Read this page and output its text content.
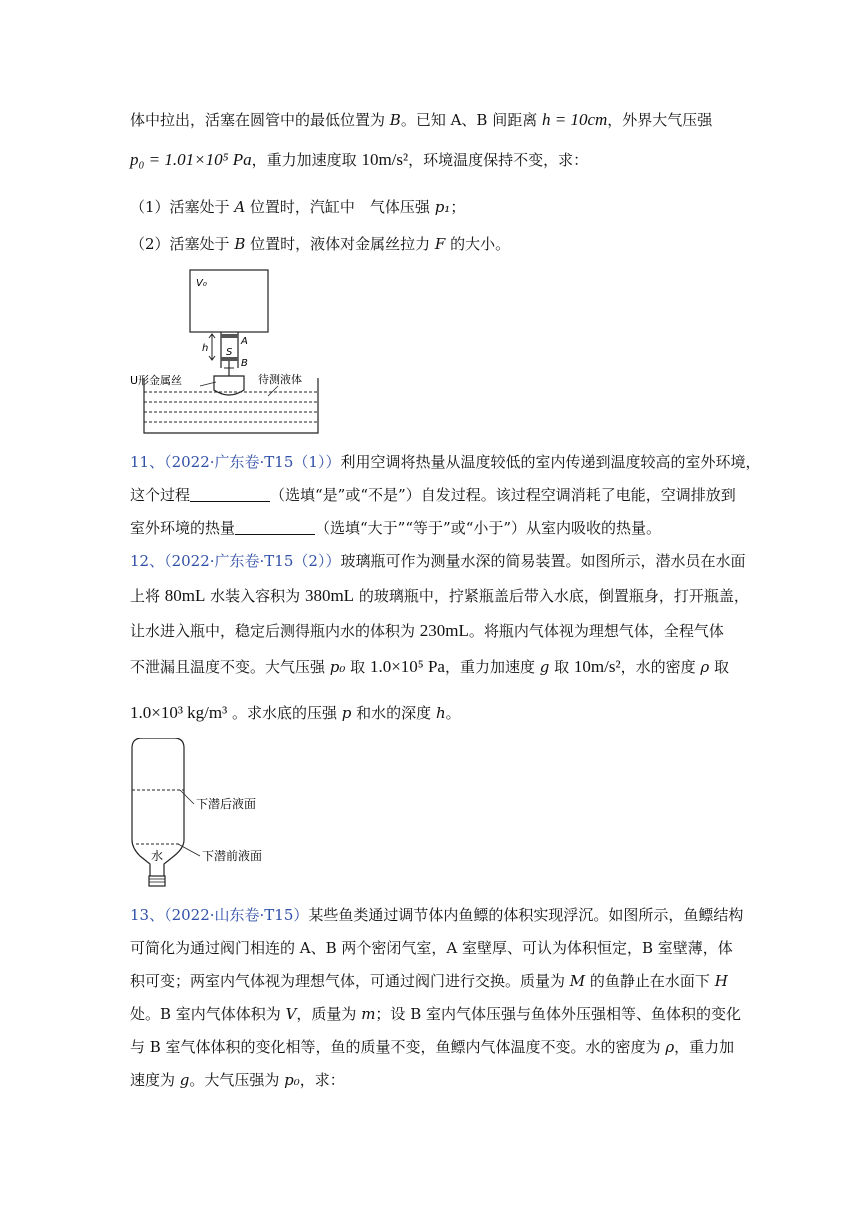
体中拉出，活塞在圆管中的最低位置为 B。已知 A、B 间距离 h = 10cm，外界大气压强
p₀ = 1.01×10⁵ Pa，重力加速度取 10m/s²，环境温度保持不变，求：
（1）活塞处于 A 位置时，汽缸中　气体压强 p₁；
（2）活塞处于 B 位置时，液体对金属丝拉力 F 的大小。
V₀
A
S
B
h
U形金属丝	待测液体
11、（2022·广东卷·T15（1））利用空调将热量从温度较低的室内传递到温度较高的室外环境，
这个过程	（选填“是”或“不是”）自发过程。该过程空调消耗了电能，空调排放到
室外环境的热量	（选填“大于”“等于”或“小于”）从室内吸收的热量。
12、（2022·广东卷·T15（2））玻璃瓶可作为测量水深的简易装置。如图所示，潜水员在水面
上将 80mL 水装入容积为 380mL 的玻璃瓶中，拧紧瓶盖后带入水底，倒置瓶身，打开瓶盖，
让水进入瓶中，稳定后测得瓶内水的体积为 230mL。将瓶内气体视为理想气体，全程气体
不泄漏且温度不变。大气压强 p₀ 取 1.0×10⁵ Pa，重力加速度 g 取 10m/s²，水的密度 ρ 取
1.0×10³ kg/m³ 。求水底的压强 p 和水的深度 h。
水
下潜后液面
下潜前液面
13、（2022·山东卷·T15）某些鱼类通过调节体内鱼鳔的体积实现浮沉。如图所示，鱼鳔结构
可简化为通过阀门相连的 A、B 两个密闭气室，A 室壁厚、可认为体积恒定，B 室壁薄，体
积可变；两室内气体视为理想气体，可通过阀门进行交换。质量为 M 的鱼静止在水面下 H
处。B 室内气体体积为 V，质量为 m；设 B 室内气体压强与鱼体外压强相等、鱼体积的变化
与 B 室气体体积的变化相等，鱼的质量不变，鱼鳔内气体温度不变。水的密度为 ρ，重力加
速度为 g。大气压强为 p₀，求：
